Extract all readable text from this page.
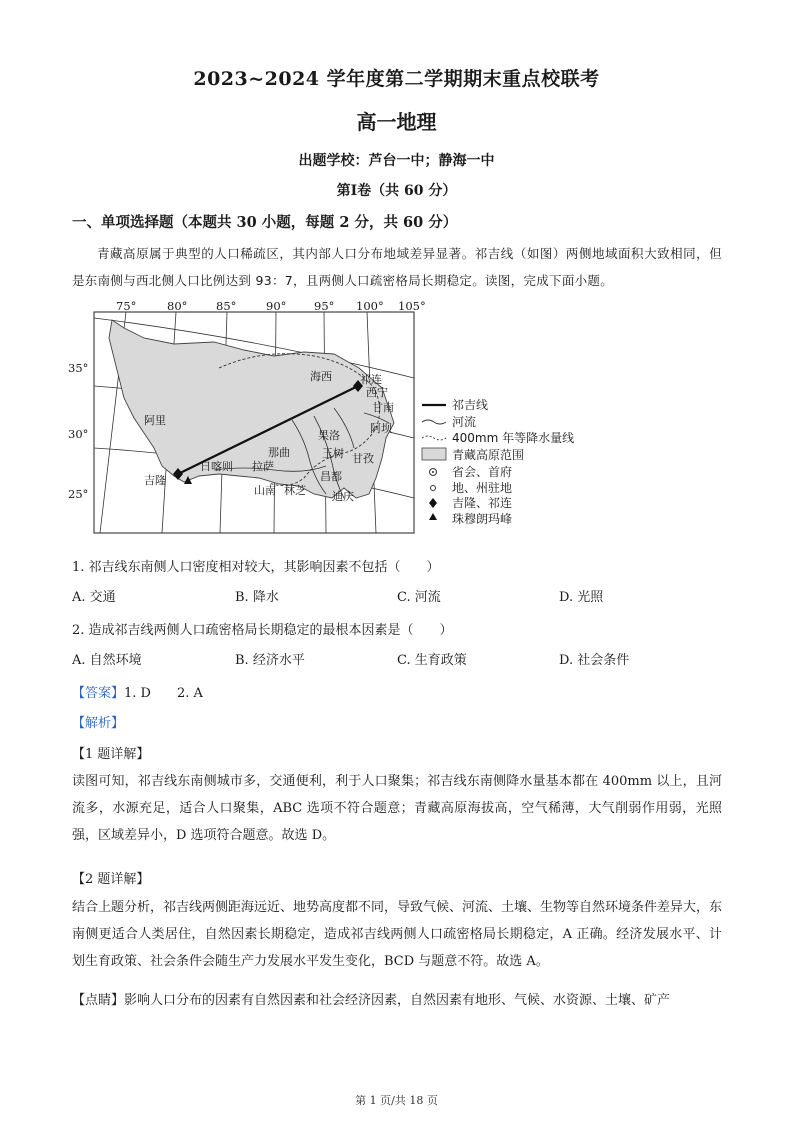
2023~2024 学年度第二学期期末重点校联考
高一地理
出题学校：芦台一中；静海一中
第Ⅰ卷（共 60 分）
一、单项选择题（本题共 30 小题，每题 2 分，共 60 分）
青藏高原属于典型的人口稀疏区，其内部人口分布地域差异显著。祁吉线（如图）两侧地域面积大致相同，但是东南侧与西北侧人口比例达到 93：7，且两侧人口疏密格局长期稳定。读图，完成下面小题。
75°	80° 85°	90° 95° 100° 105°
35°
30°
25°
海西	祁连
西宁
甘南
阿里
果洛
阿坝
那曲	玉树 甘孜
日喀则 拉萨
昌都
山南 林芝 迪庆
吉隆
祁吉线
河流
400mm 年等降水量线
青藏高原范围
省会、首府
地、州驻地
吉隆、祁连
珠穆朗玛峰
1. 祁吉线东南侧人口密度相对较大，其影响因素不包括（　　）
A. 交通	B. 降水	C. 河流	D. 光照
2. 造成祁吉线两侧人口疏密格局长期稳定的最根本因素是（　　）
A. 自然环境	B. 经济水平	C. 生育政策	D. 社会条件
【答案】1. D　　2. A
【解析】
【1 题详解】
读图可知，祁吉线东南侧城市多，交通便利，利于人口聚集；祁吉线东南侧降水量基本都在 400mm 以上，且河流多，水源充足，适合人口聚集，ABC 选项不符合题意；青藏高原海拔高，空气稀薄，大气削弱作用弱，光照强，区域差异小，D 选项符合题意。故选 D。
【2 题详解】
结合上题分析，祁吉线两侧距海远近、地势高度都不同，导致气候、河流、土壤、生物等自然环境条件差异大，东南侧更适合人类居住，自然因素长期稳定，造成祁吉线两侧人口疏密格局长期稳定，A 正确。经济发展水平、计划生育政策、社会条件会随生产力发展水平发生变化，BCD 与题意不符。故选 A。
【点睛】影响人口分布的因素有自然因素和社会经济因素，自然因素有地形、气候、水资源、土壤、矿产
第 1 页/共 18 页
